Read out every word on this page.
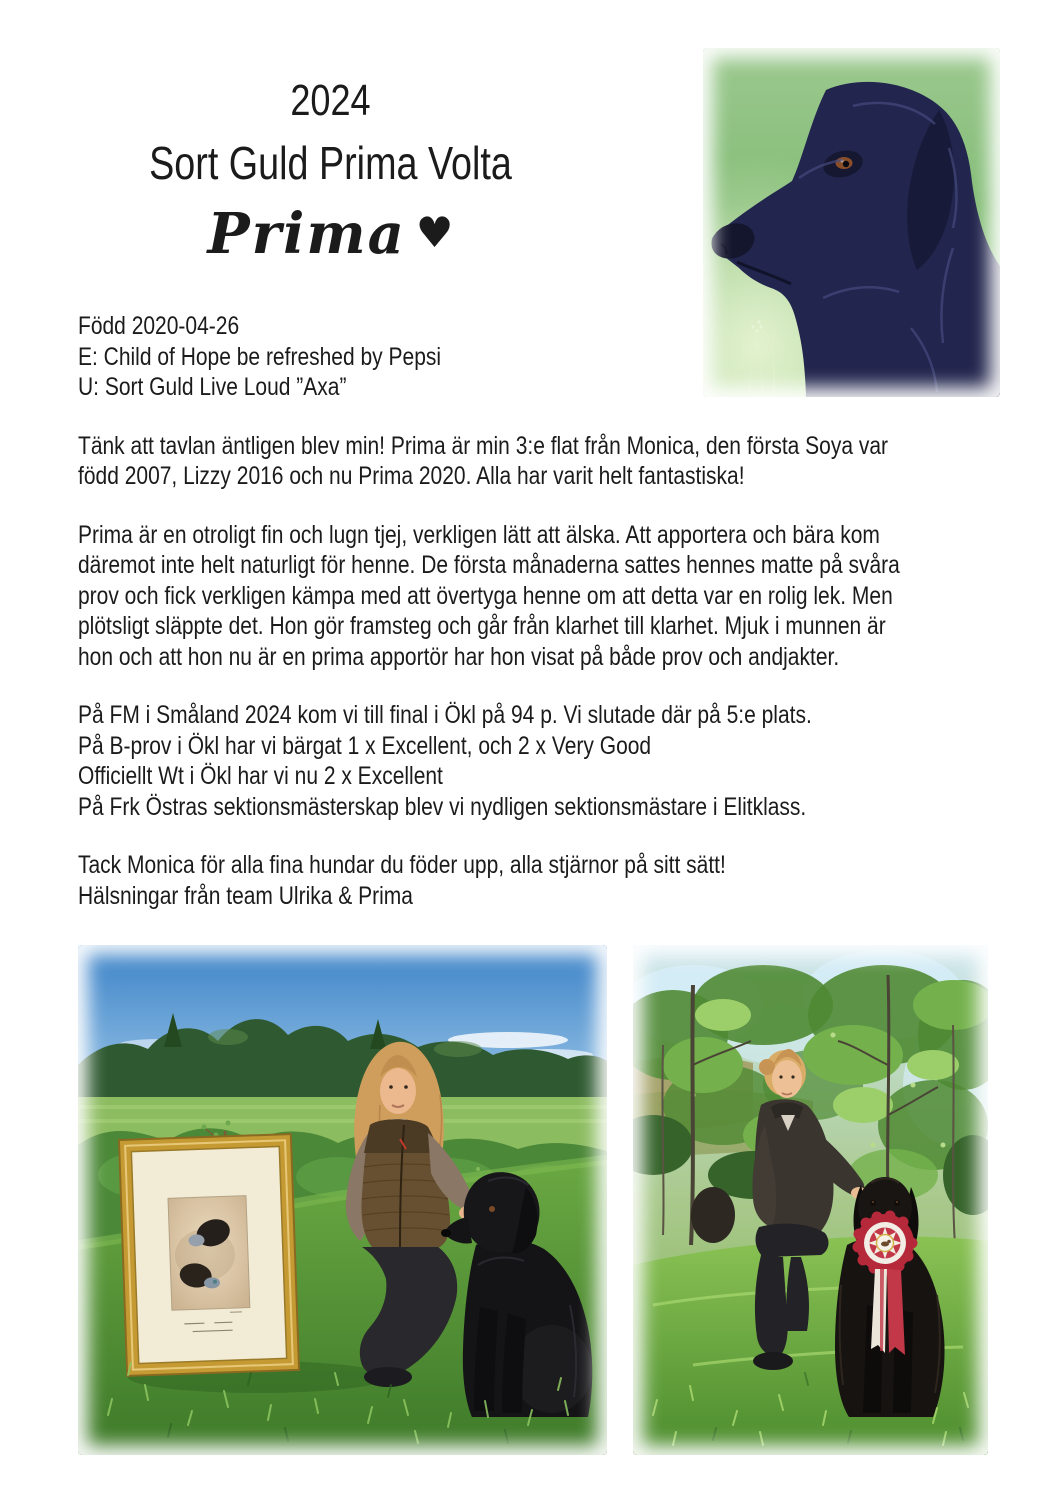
2024
Sort Guld Prima Volta
Prima ♥

Född 2020-04-26
E: Child of Hope be refreshed by Pepsi
U: Sort Guld Live Loud ”Axa”

Tänk att tavlan äntligen blev min! Prima är min 3:e flat från Monica, den första Soya var
född 2007, Lizzy 2016 och nu Prima 2020. Alla har varit helt fantastiska!

Prima är en otroligt fin och lugn tjej, verkligen lätt att älska. Att apportera och bära kom
däremot inte helt naturligt för henne. De första månaderna sattes hennes matte på svåra
prov och fick verkligen kämpa med att övertyga henne om att detta var en rolig lek. Men
plötsligt släppte det. Hon gör framsteg och går från klarhet till klarhet. Mjuk i munnen är
hon och att hon nu är en prima apportör har hon visat på både prov och andjakter.

På FM i Småland 2024 kom vi till final i Ökl på 94 p. Vi slutade där på 5:e plats.
På B-prov i Ökl har vi bärgat 1 x Excellent, och 2 x Very Good
Officiellt Wt i Ökl har vi nu 2 x Excellent
På Frk Östras sektionsmästerskap blev vi nydligen sektionsmästare i Elitklass.

Tack Monica för alla fina hundar du föder upp, alla stjärnor på sitt sätt!
Hälsningar från team Ulrika & Prima
